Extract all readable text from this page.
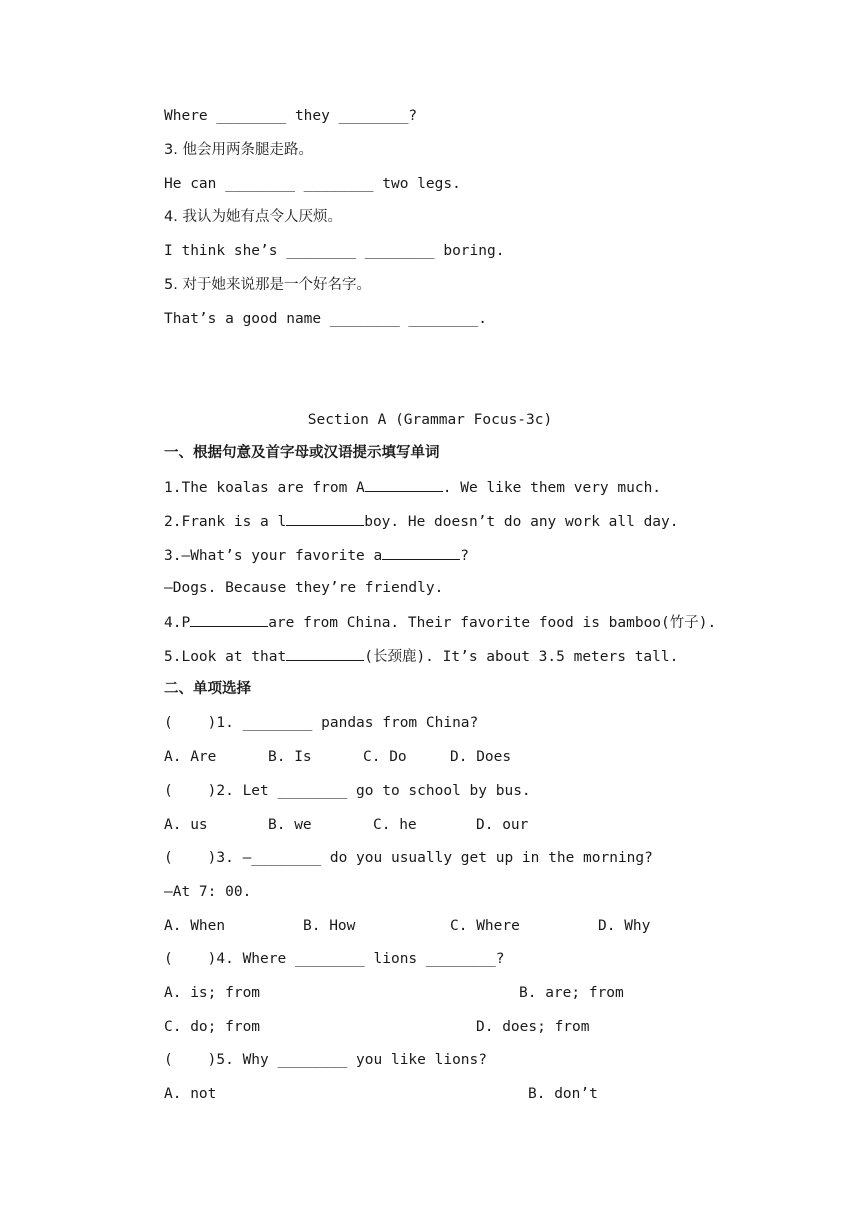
Where ________ they ________?
3. 他会用两条腿走路。
He can ________ ________ two legs.
4. 我认为她有点令人厌烦。
I think she’s ________ ________ boring.
5. 对于她来说那是一个好名字。
That’s a good name ________ ________.
Section A (Grammar Focus-3c)
一、根据句意及首字母或汉语提示填写单词
1.The koalas are from A	. We like them very much.
2.Frank is a l	boy. He doesn’t do any work all day.
3.—What’s your favorite a	?
—Dogs. Because they’re friendly.
4.P	are from China. Their favorite food is bamboo(竹子).
5.Look at that	(长颈鹿). It’s about 3.5 meters tall.
二、单项选择
(    )1. ________ pandas from China?
A. Are	B. Is	C. Do	D. Does
(    )2. Let ________ go to school by bus.
A. us	B. we	C. he	D. our
(    )3. —________ do you usually get up in the morning?
—At 7: 00.
A. When	B. How	C. Where	D. Why
(    )4. Where ________ lions ________?
A. is; from	B. are; from
C. do; from	D. does; from
(    )5. Why ________ you like lions?
A. not	B. don’t
